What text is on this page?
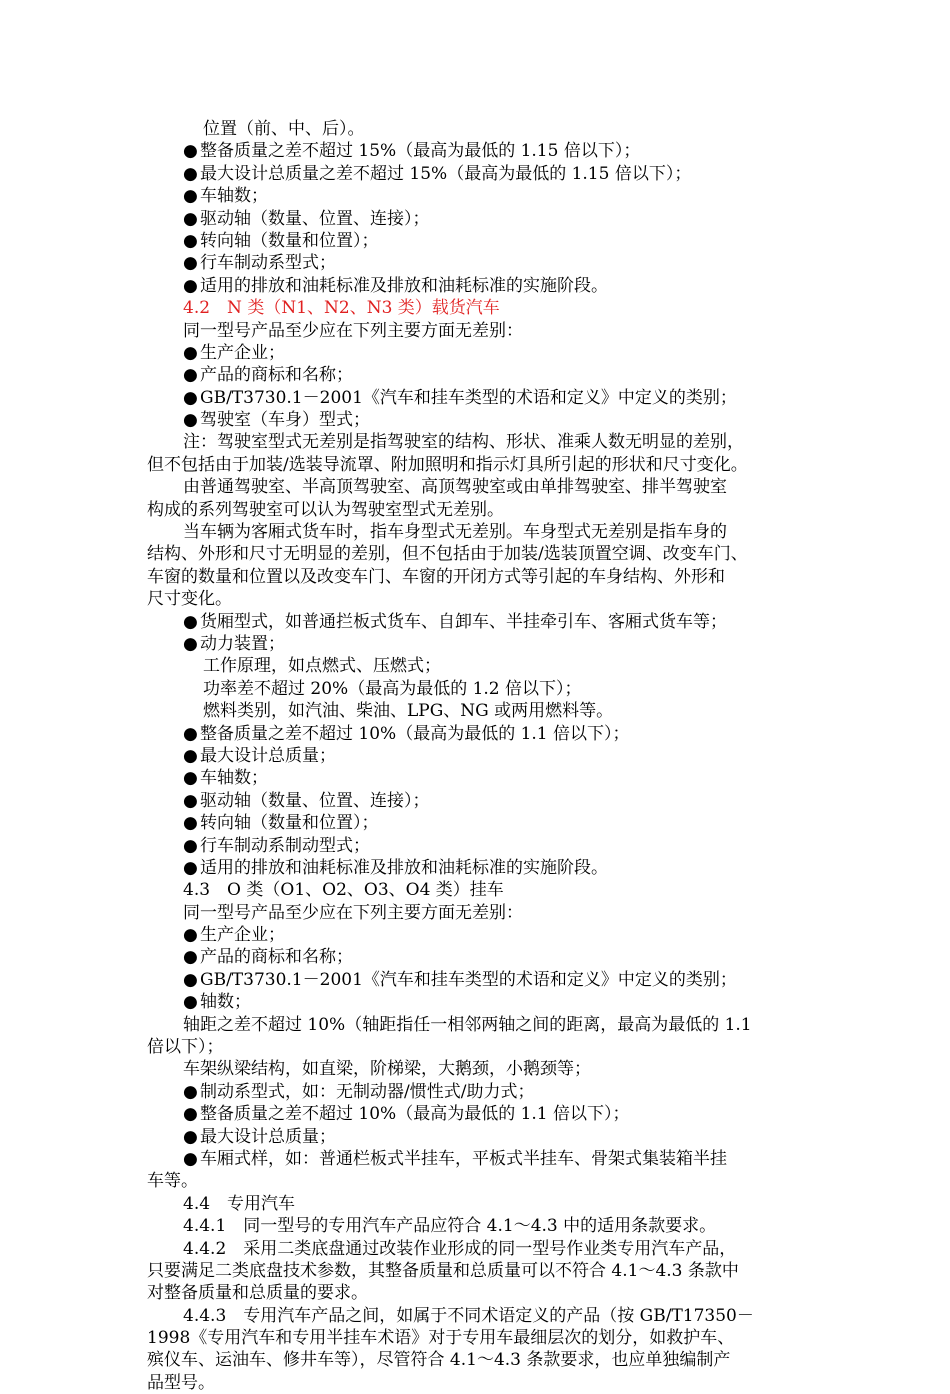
位置（前、中、后）。
● 整备质量之差不超过 15%（最高为最低的 1.15 倍以下）；
● 最大设计总质量之差不超过 15%（最高为最低的 1.15 倍以下）；
● 车轴数；
● 驱动轴（数量、位置、连接）；
● 转向轴（数量和位置）；
● 行车制动系型式；
● 适用的排放和油耗标准及排放和油耗标准的实施阶段。
4.2　N 类（N1、N2、N3 类）载货汽车
同一型号产品至少应在下列主要方面无差别：
● 生产企业；
● 产品的商标和名称；
● GB/T3730.1－2001《汽车和挂车类型的术语和定义》中定义的类别；
● 驾驶室（车身）型式；
注：驾驶室型式无差别是指驾驶室的结构、形状、准乘人数无明显的差别，
但不包括由于加装/选装导流罩、附加照明和指示灯具所引起的形状和尺寸变化。
由普通驾驶室、半高顶驾驶室、高顶驾驶室或由单排驾驶室、排半驾驶室
构成的系列驾驶室可以认为驾驶室型式无差别。
当车辆为客厢式货车时，指车身型式无差别。车身型式无差别是指车身的
结构、外形和尺寸无明显的差别，但不包括由于加装/选装顶置空调、改变车门、
车窗的数量和位置以及改变车门、车窗的开闭方式等引起的车身结构、外形和
尺寸变化。
● 货厢型式，如普通拦板式货车、自卸车、半挂牵引车、客厢式货车等；
● 动力装置；
工作原理，如点燃式、压燃式；
功率差不超过 20%（最高为最低的 1.2 倍以下）；
燃料类别，如汽油、柴油、LPG、NG 或两用燃料等。
● 整备质量之差不超过 10%（最高为最低的 1.1 倍以下）；
● 最大设计总质量；
● 车轴数；
● 驱动轴（数量、位置、连接）；
● 转向轴（数量和位置）；
● 行车制动系制动型式；
● 适用的排放和油耗标准及排放和油耗标准的实施阶段。
4.3　O 类（O1、O2、O3、O4 类）挂车
同一型号产品至少应在下列主要方面无差别：
● 生产企业；
● 产品的商标和名称；
● GB/T3730.1－2001《汽车和挂车类型的术语和定义》中定义的类别；
● 轴数；
轴距之差不超过 10%（轴距指任一相邻两轴之间的距离，最高为最低的 1.1
倍以下）；
车架纵梁结构，如直梁，阶梯梁，大鹅颈，小鹅颈等；
● 制动系型式，如：无制动器/惯性式/助力式；
● 整备质量之差不超过 10%（最高为最低的 1.1 倍以下）；
● 最大设计总质量；
● 车厢式样，如：普通栏板式半挂车，平板式半挂车、骨架式集装箱半挂
车等。
4.4　专用汽车
4.4.1　同一型号的专用汽车产品应符合 4.1～4.3 中的适用条款要求。
4.4.2　采用二类底盘通过改装作业形成的同一型号作业类专用汽车产品，
只要满足二类底盘技术参数，其整备质量和总质量可以不符合 4.1～4.3 条款中
对整备质量和总质量的要求。
4.4.3　专用汽车产品之间，如属于不同术语定义的产品（按 GB/T17350－
1998《专用汽车和专用半挂车术语》对于专用车最细层次的划分，如救护车、
殡仪车、运油车、修井车等），尽管符合 4.1～4.3 条款要求，也应单独编制产
品型号。
